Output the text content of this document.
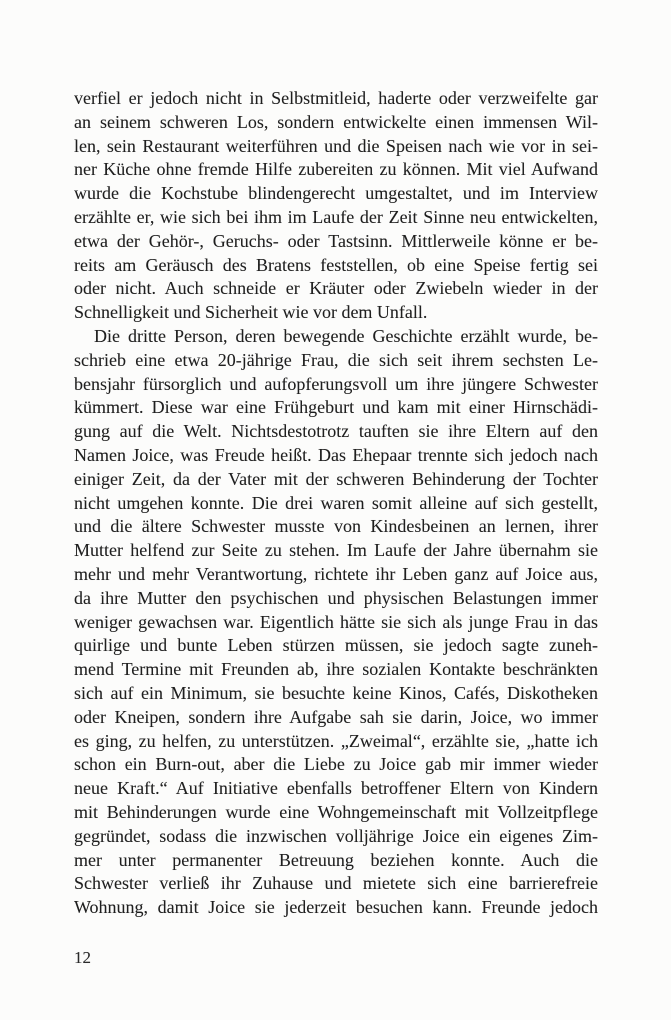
verfiel er jedoch nicht in Selbstmitleid, haderte oder verzweifelte gar
an seinem schweren Los, sondern entwickelte einen immensen Wil-
len, sein Restaurant weiterführen und die Speisen nach wie vor in sei-
ner Küche ohne fremde Hilfe zubereiten zu können. Mit viel Aufwand
wurde die Kochstube blindengerecht umgestaltet, und im Interview
erzählte er, wie sich bei ihm im Laufe der Zeit Sinne neu entwickelten,
etwa der Gehör-, Geruchs- oder Tastsinn. Mittlerweile könne er be-
reits am Geräusch des Bratens feststellen, ob eine Speise fertig sei
oder nicht. Auch schneide er Kräuter oder Zwiebeln wieder in der
Schnelligkeit und Sicherheit wie vor dem Unfall.
Die dritte Person, deren bewegende Geschichte erzählt wurde, be-
schrieb eine etwa 20-jährige Frau, die sich seit ihrem sechsten Le-
bensjahr fürsorglich und aufopferungsvoll um ihre jüngere Schwester
kümmert. Diese war eine Frühgeburt und kam mit einer Hirnschädi-
gung auf die Welt. Nichtsdestotrotz tauften sie ihre Eltern auf den
Namen Joice, was Freude heißt. Das Ehepaar trennte sich jedoch nach
einiger Zeit, da der Vater mit der schweren Behinderung der Tochter
nicht umgehen konnte. Die drei waren somit alleine auf sich gestellt,
und die ältere Schwester musste von Kindesbeinen an lernen, ihrer
Mutter helfend zur Seite zu stehen. Im Laufe der Jahre übernahm sie
mehr und mehr Verantwortung, richtete ihr Leben ganz auf Joice aus,
da ihre Mutter den psychischen und physischen Belastungen immer
weniger gewachsen war. Eigentlich hätte sie sich als junge Frau in das
quirlige und bunte Leben stürzen müssen, sie jedoch sagte zuneh-
mend Termine mit Freunden ab, ihre sozialen Kontakte beschränkten
sich auf ein Minimum, sie besuchte keine Kinos, Cafés, Diskotheken
oder Kneipen, sondern ihre Aufgabe sah sie darin, Joice, wo immer
es ging, zu helfen, zu unterstützen. „Zweimal“, erzählte sie, „hatte ich
schon ein Burn-out, aber die Liebe zu Joice gab mir immer wieder
neue Kraft.“ Auf Initiative ebenfalls betroffener Eltern von Kindern
mit Behinderungen wurde eine Wohngemeinschaft mit Vollzeitpflege
gegründet, sodass die inzwischen volljährige Joice ein eigenes Zim-
mer unter permanenter Betreuung beziehen konnte. Auch die
Schwester verließ ihr Zuhause und mietete sich eine barrierefreie
Wohnung, damit Joice sie jederzeit besuchen kann. Freunde jedoch
12
